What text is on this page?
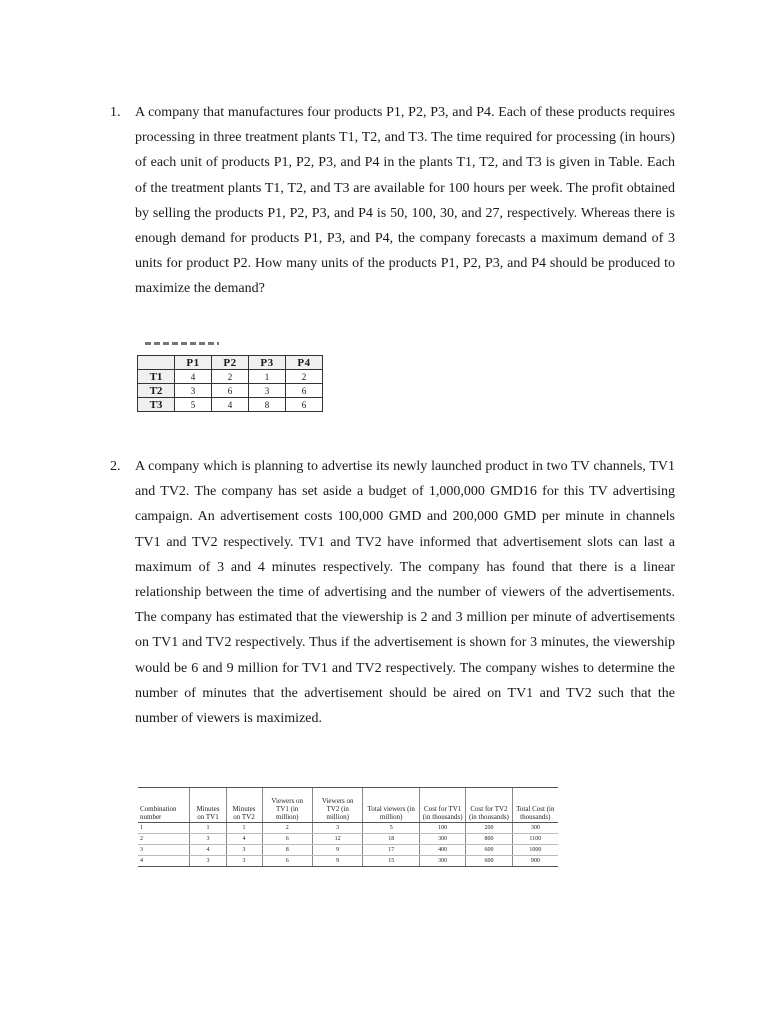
1. A company that manufactures four products P1, P2, P3, and P4. Each of these products requires processing in three treatment plants T1, T2, and T3. The time required for processing (in hours) of each unit of products P1, P2, P3, and P4 in the plants T1, T2, and T3 is given in Table. Each of the treatment plants T1, T2, and T3 are available for 100 hours per week. The profit obtained by selling the products P1, P2, P3, and P4 is 50, 100, 30, and 27, respectively. Whereas there is enough demand for products P1, P3, and P4, the company forecasts a maximum demand of 3 units for product P2. How many units of the products P1, P2, P3, and P4 should be produced to maximize the demand?
	P1	P2	P3	P4
T1	4	2	1	2
T2	3	6	3	6
T3	5	4	8	6
2. A company which is planning to advertise its newly launched product in two TV channels, TV1 and TV2. The company has set aside a budget of 1,000,000 GMD16 for this TV advertising campaign. An advertisement costs 100,000 GMD and 200,000 GMD per minute in channels TV1 and TV2 respectively. TV1 and TV2 have informed that advertisement slots can last a maximum of 3 and 4 minutes respectively. The company has found that there is a linear relationship between the time of advertising and the number of viewers of the advertisements. The company has estimated that the viewership is 2 and 3 million per minute of advertisements on TV1 and TV2 respectively. Thus if the advertisement is shown for 3 minutes, the viewership would be 6 and 9 million for TV1 and TV2 respectively. The company wishes to determine the number of minutes that the advertisement should be aired on TV1 and TV2 such that the number of viewers is maximized.
Combination number	Minutes on TV1	Minutes on TV2	Viewers on TV1 (in million)	Viewers on TV2 (in million)	Total viewers (in million)	Cost for TV1 (in thousands)	Cost for TV2 (in thousands)	Total Cost (in thousands)
1	1	1	2	3	5	100	200	300
2	3	4	6	12	18	300	800	1100
3	4	3	8	9	17	400	600	1000
4	3	3	6	9	15	300	600	900
